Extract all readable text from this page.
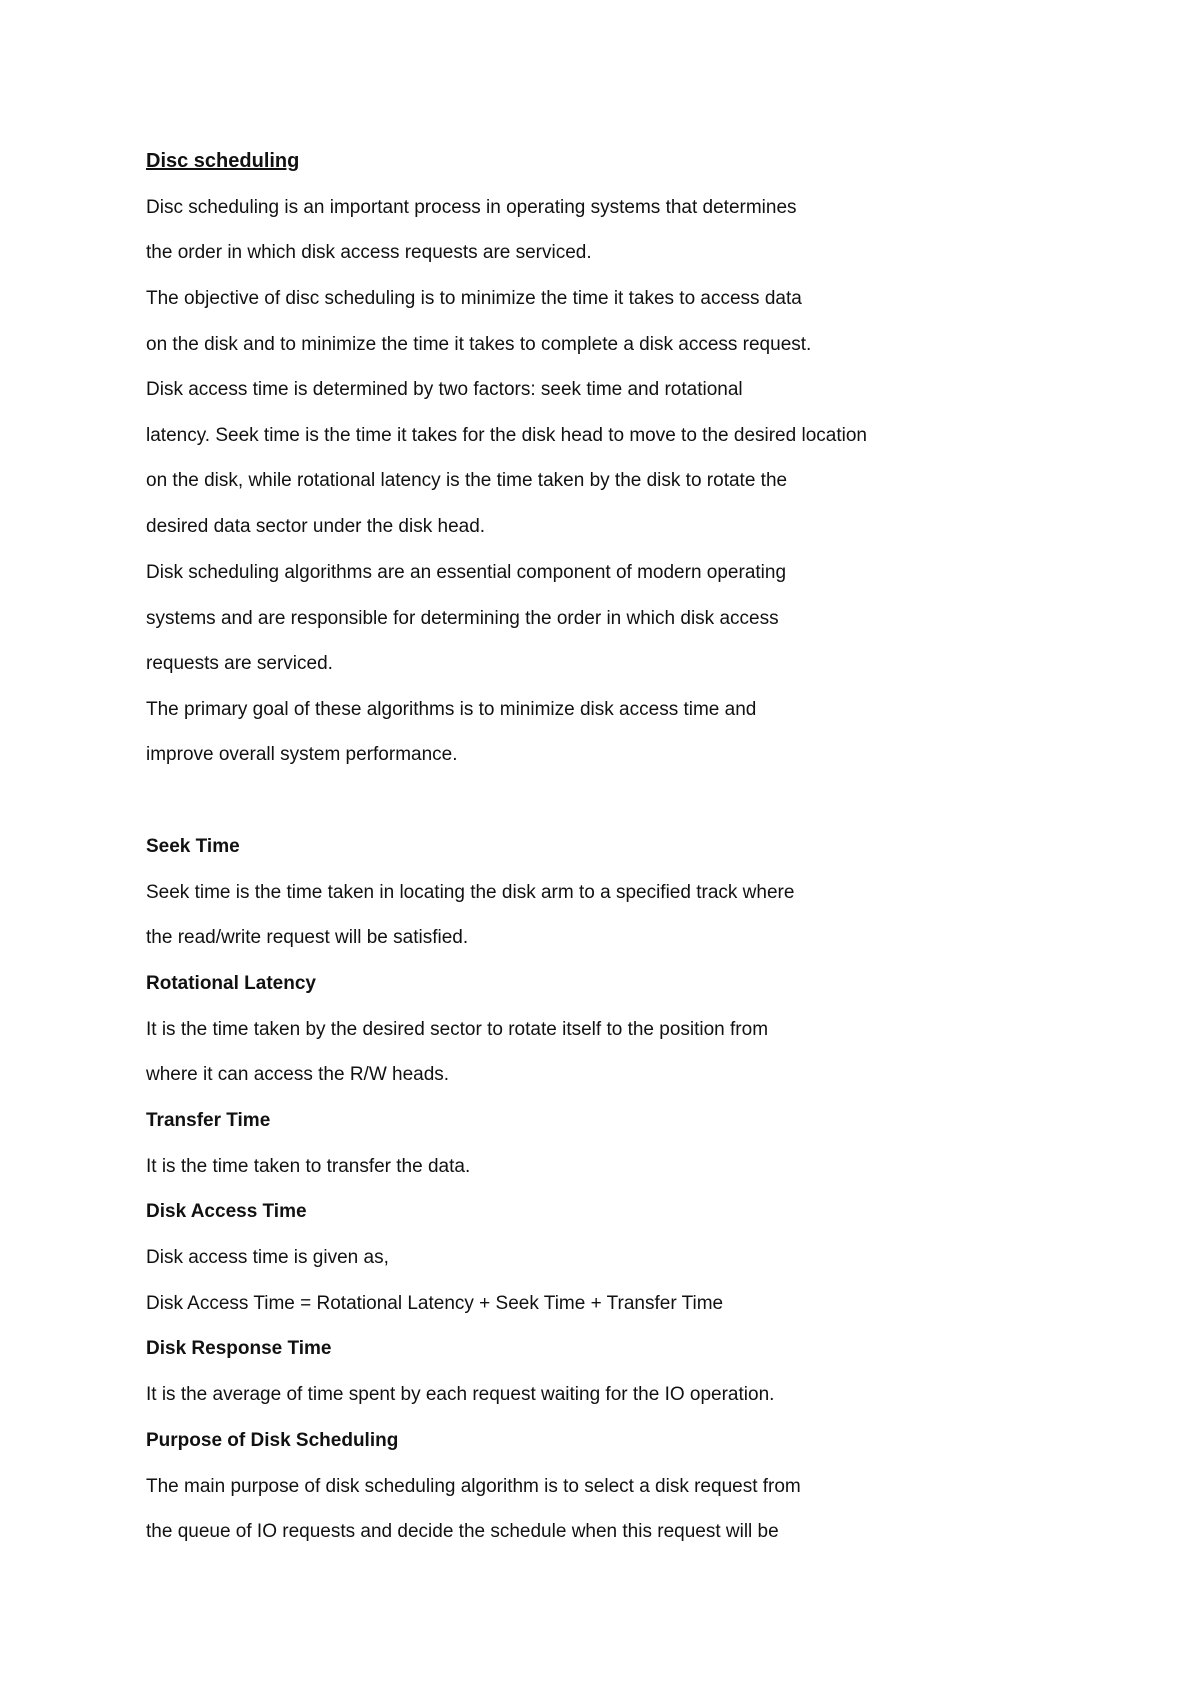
Disc scheduling
Disc scheduling is an important process in operating systems that determines
the order in which disk access requests are serviced.
The objective of disc scheduling is to minimize the time it takes to access data
on the disk and to minimize the time it takes to complete a disk access request.
Disk access time is determined by two factors: seek time and rotational
latency. Seek time is the time it takes for the disk head to move to the desired location
on the disk, while rotational latency is the time taken by the disk to rotate the
desired data sector under the disk head.
Disk scheduling algorithms are an essential component of modern operating
systems and are responsible for determining the order in which disk access
requests are serviced.
The primary goal of these algorithms is to minimize disk access time and
improve overall system performance.
Seek Time
Seek time is the time taken in locating the disk arm to a specified track where
the read/write request will be satisfied.
Rotational Latency
It is the time taken by the desired sector to rotate itself to the position from
where it can access the R/W heads.
Transfer Time
It is the time taken to transfer the data.
Disk Access Time
Disk access time is given as,
Disk Access Time = Rotational Latency + Seek Time + Transfer Time
Disk Response Time
It is the average of time spent by each request waiting for the IO operation.
Purpose of Disk Scheduling
The main purpose of disk scheduling algorithm is to select a disk request from
the queue of IO requests and decide the schedule when this request will be
